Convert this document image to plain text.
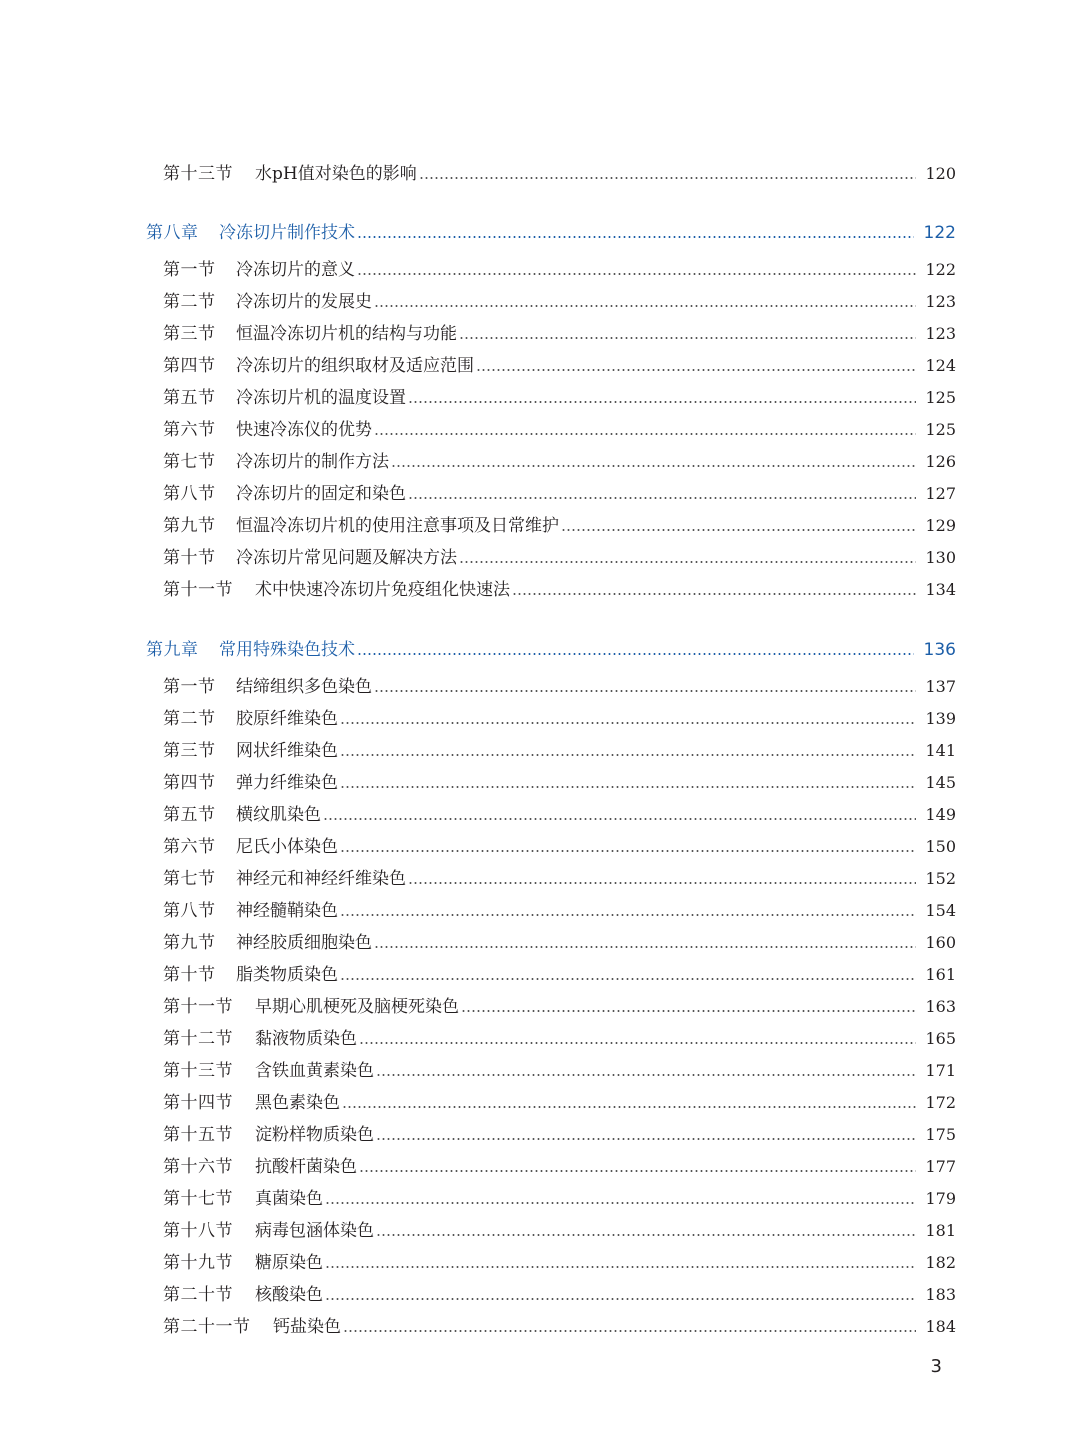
第十三节	水pH值对染色的影响	120
第八章	冷冻切片制作技术	122
第一节	冷冻切片的意义	122
第二节	冷冻切片的发展史	123
第三节	恒温冷冻切片机的结构与功能	123
第四节	冷冻切片的组织取材及适应范围	124
第五节	冷冻切片机的温度设置	125
第六节	快速冷冻仪的优势	125
第七节	冷冻切片的制作方法	126
第八节	冷冻切片的固定和染色	127
第九节	恒温冷冻切片机的使用注意事项及日常维护	129
第十节	冷冻切片常见问题及解决方法	130
第十一节	术中快速冷冻切片免疫组化快速法	134
第九章	常用特殊染色技术	136
第一节	结缔组织多色染色	137
第二节	胶原纤维染色	139
第三节	网状纤维染色	141
第四节	弹力纤维染色	145
第五节	横纹肌染色	149
第六节	尼氏小体染色	150
第七节	神经元和神经纤维染色	152
第八节	神经髓鞘染色	154
第九节	神经胶质细胞染色	160
第十节	脂类物质染色	161
第十一节	早期心肌梗死及脑梗死染色	163
第十二节	黏液物质染色	165
第十三节	含铁血黄素染色	171
第十四节	黑色素染色	172
第十五节	淀粉样物质染色	175
第十六节	抗酸杆菌染色	177
第十七节	真菌染色	179
第十八节	病毒包涵体染色	181
第十九节	糖原染色	182
第二十节	核酸染色	183
第二十一节	钙盐染色	184
3
